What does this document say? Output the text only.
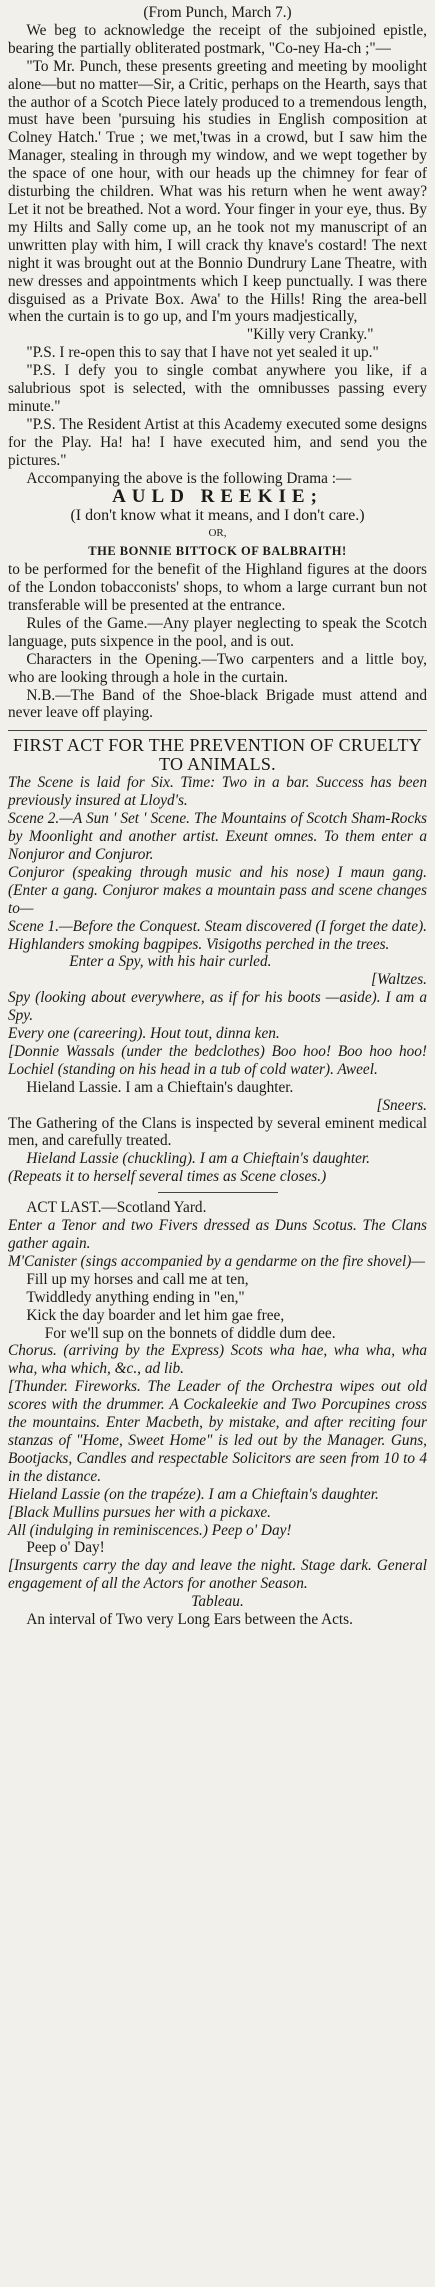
(From Punch, March 7.)

We beg to acknowledge the receipt of the subjoined epistle, bearing the partially obliterated postmark, "Co-ney Ha-ch ;"—

"To Mr. Punch, these presents greeting and meeting by moolight alone—but no matter—Sir, a Critic, perhaps on the Hearth, says that the author of a Scotch Piece lately produced to a tremendous length, must have been 'pursuing his studies in English composition at Colney Hatch.' True ; we met,'twas in a crowd, but I saw him the Manager, stealing in through my window, and we wept together by the space of one hour, with our heads up the chimney for fear of disturbing the children. What was his return when he went away? Let it not be breathed. Not a word. Your finger in your eye, thus. By my Hilts and Sally come up, an he took not my manuscript of an unwritten play with him, I will crack thy knave's costard! The next night it was brought out at the Bonnio Dundrury Lane Theatre, with new dresses and appointments which I keep punctually. I was there disguised as a Private Box. Awa' to the Hills! Ring the area-bell when the curtain is to go up, and I'm yours madjestically,

"Killy very Cranky."

"P.S. I re-open this to say that I have not yet sealed it up."

"P.S. I defy you to single combat anywhere you like, if a salubrious spot is selected, with the omnibusses passing every minute."

"P.S. The Resident Artist at this Academy executed some designs for the Play. Ha! ha! I have executed him, and send you the pictures."

Accompanying the above is the following Drama :—

AULD REEKIE;

(I don't know what it means, and I don't care.)

OR,

THE BONNIE BITTOCK OF BALBRAITH!

to be performed for the benefit of the Highland figures at the doors of the London tobacconists' shops, to whom a large currant bun not transferable will be presented at the entrance.

Rules of the Game.—Any player neglecting to speak the Scotch language, puts sixpence in the pool, and is out.

Characters in the Opening.—Two carpenters and a little boy, who are looking through a hole in the curtain.

N.B.—The Band of the Shoe-black Brigade must attend and never leave off playing.

FIRST ACT FOR THE PREVENTION OF CRUELTY TO ANIMALS.

The Scene is laid for Six. Time: Two in a bar. Success has been previously insured at Lloyd's.

Scene 2.—A Sun ' Set ' Scene. The Mountains of Scotch Sham-Rocks by Moonlight and another artist. Exeunt omnes. To them enter a Nonjuror and Conjuror.

Conjuror (speaking through music and his nose) I maun gang. (Enter a gang. Conjuror makes a mountain pass and scene changes to—

Scene 1.—Before the Conquest. Steam discovered (I forget the date). Highlanders smoking bagpipes. Visigoths perched in the trees.

Enter a Spy, with his hair curled.

[Waltzes.

Spy (looking about everywhere, as if for his boots —aside). I am a Spy.

Every one (careering). Hout tout, dinna ken.

[Donnie Wassals (under the bedclothes) Boo hoo! Boo hoo hoo! Lochiel (standing on his head in a tub of cold water). Aweel.

Hieland Lassie. I am a Chieftain's daughter.

[Sneers.

The Gathering of the Clans is inspected by several eminent medical men, and carefully treated.

Hieland Lassie (chuckling). I am a Chieftain's daughter.

(Repeats it to herself several times as Scene closes.)

ACT LAST.—Scotland Yard.

Enter a Tenor and two Fivers dressed as Duns Scotus. The Clans gather again.

M'Canister (sings accompanied by a gendarme on the fire shovel)—

Fill up my horses and call me at ten,

Twiddledy anything ending in "en,"

Kick the day boarder and let him gae free,

For we'll sup on the bonnets of diddle dum dee.

Chorus. (arriving by the Express) Scots wha hae, wha wha, wha wha, wha which, &c., ad lib.

[Thunder. Fireworks. The Leader of the Orchestra wipes out old scores with the drummer. A Cockaleekie and Two Porcupines cross the mountains. Enter Macbeth, by mistake, and after reciting four stanzas of "Home, Sweet Home" is led out by the Manager. Guns, Bootjacks, Candles and respectable Solicitors are seen from 10 to 4 in the distance.

Hieland Lassie (on the trapéze). I am a Chieftain's daughter.

[Black Mullins pursues her with a pickaxe.

All (indulging in reminiscences.) Peep o' Day!

Peep o' Day!

[Insurgents carry the day and leave the night. Stage dark. General engagement of all the Actors for another Season.

Tableau.

An interval of Two very Long Ears between the Acts.
